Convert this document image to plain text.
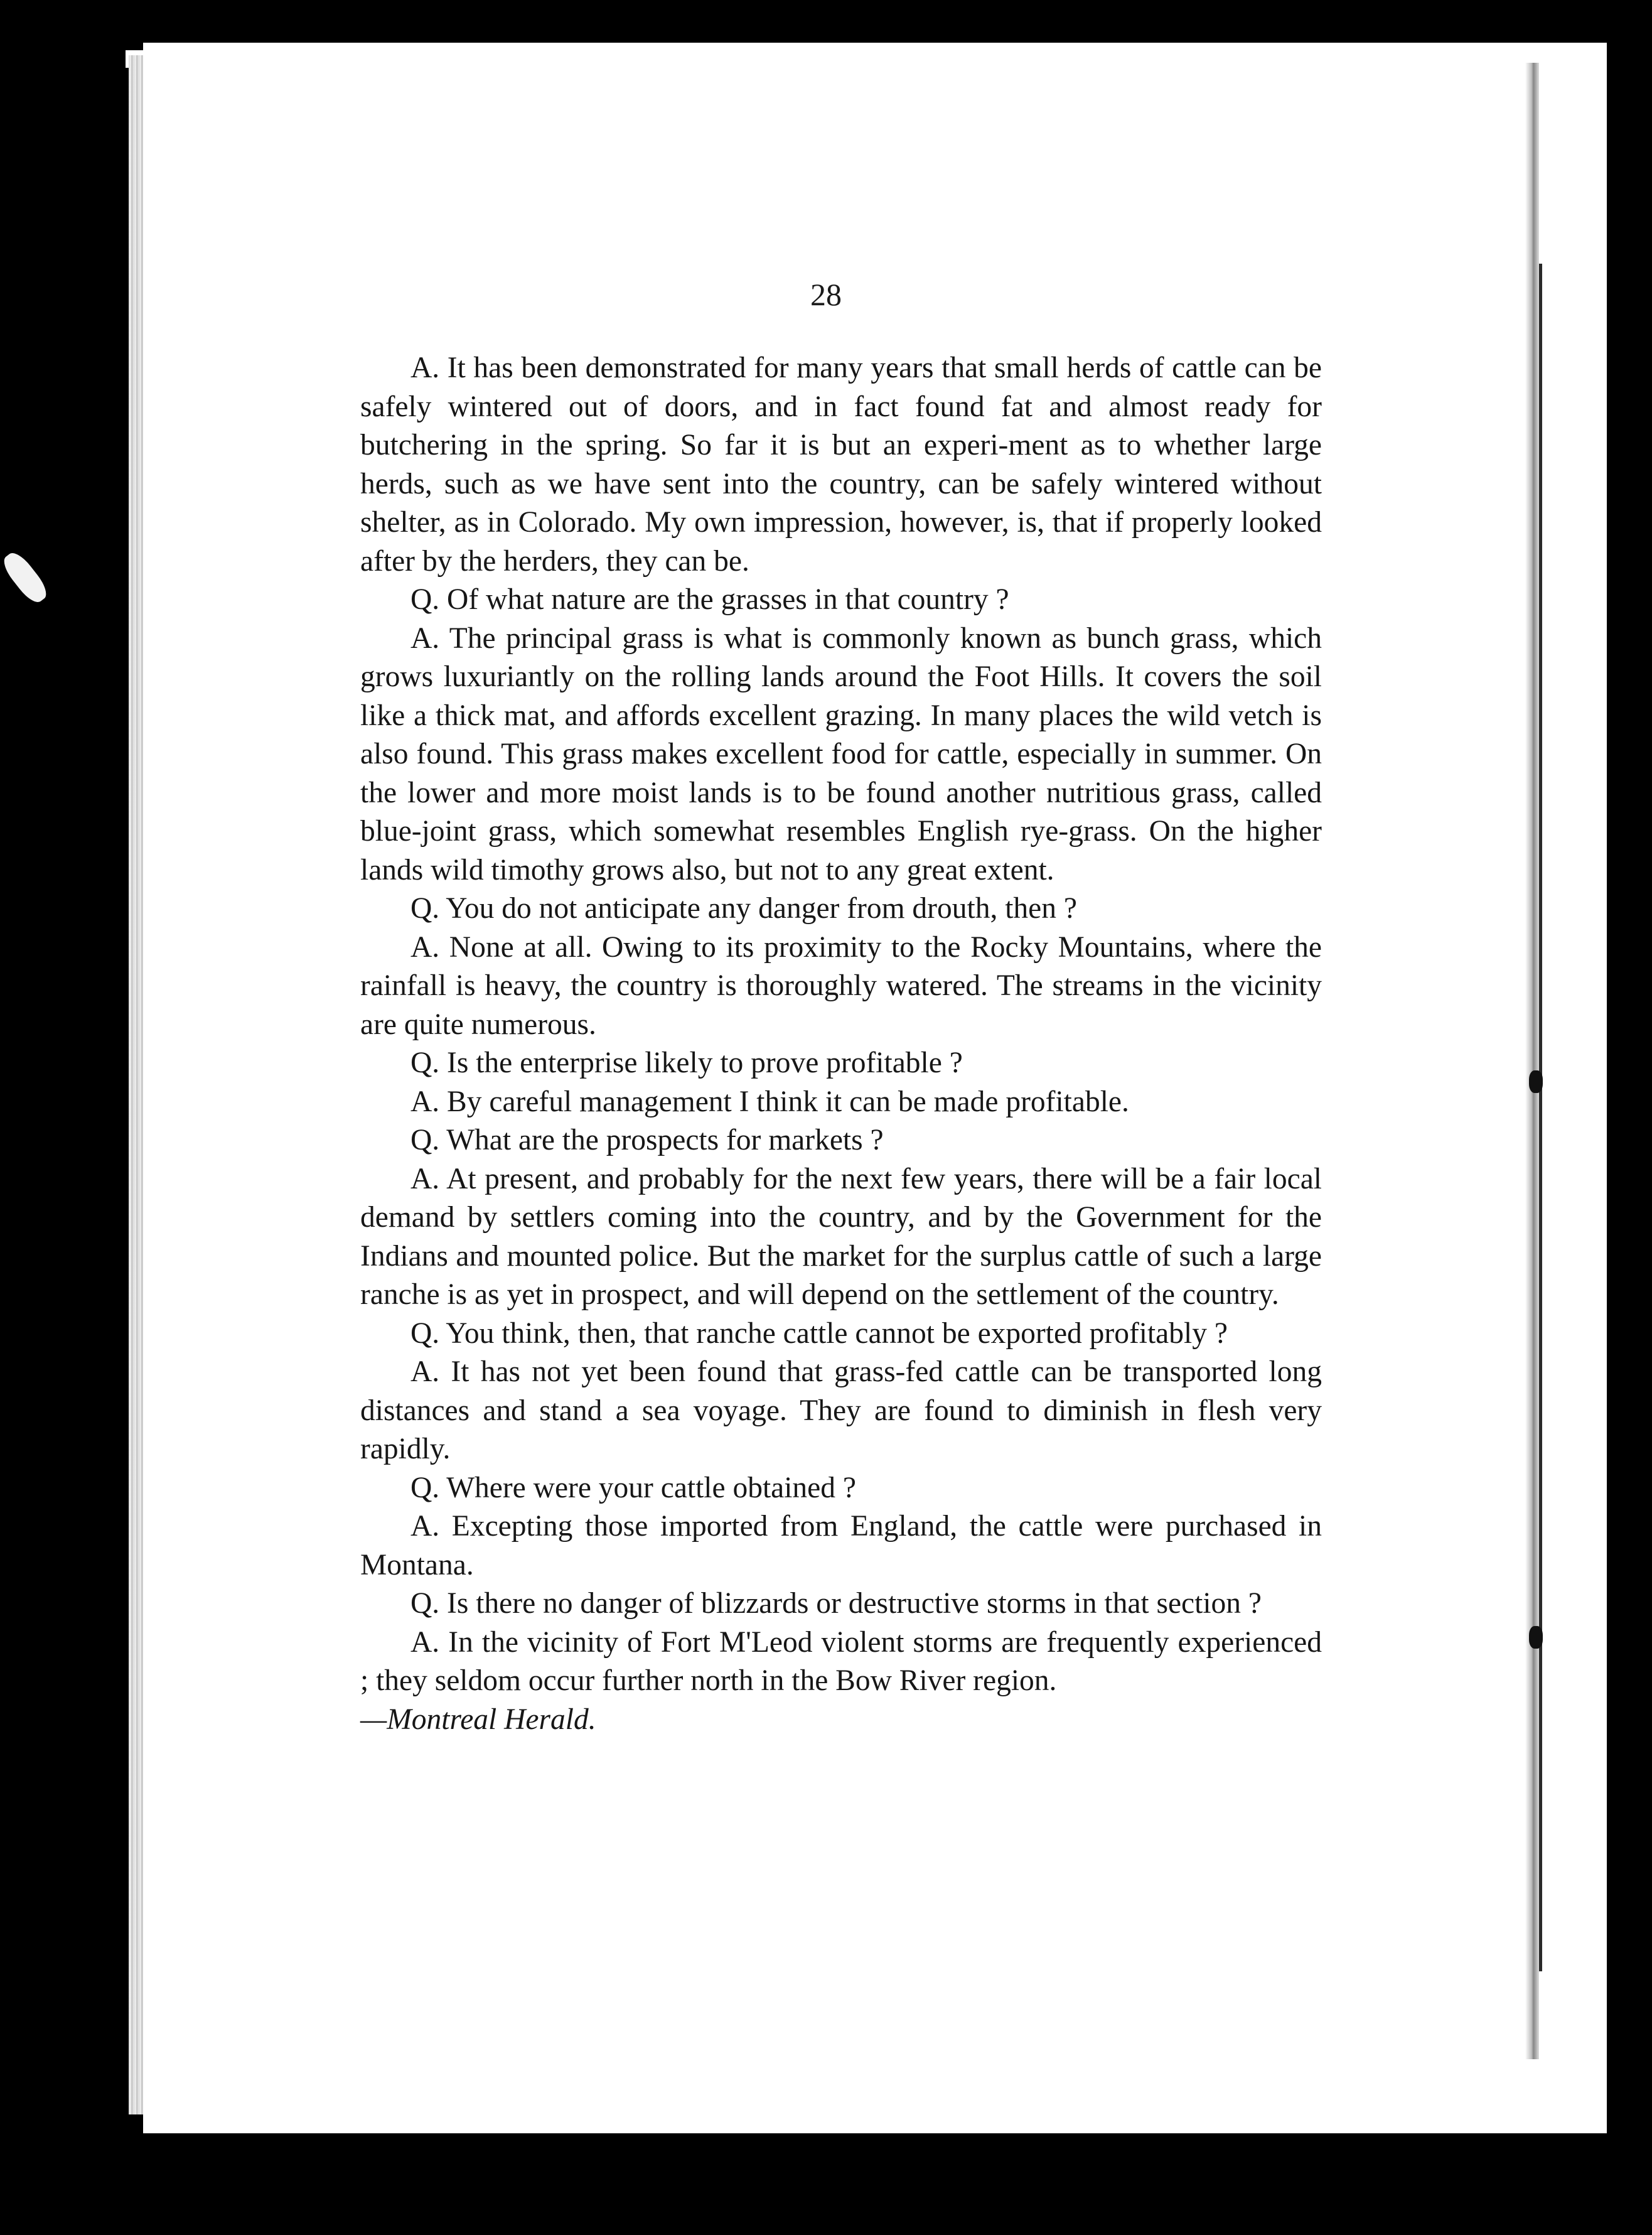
28

A. It has been demonstrated for many years that small herds of cattle can be safely wintered out of doors, and in fact found fat and almost ready for butchering in the spring. So far it is but an experi-ment as to whether large herds, such as we have sent into the country, can be safely wintered without shelter, as in Colorado. My own impression, however, is, that if properly looked after by the herders, they can be.

Q. Of what nature are the grasses in that country ?

A. The principal grass is what is commonly known as bunch grass, which grows luxuriantly on the rolling lands around the Foot Hills. It covers the soil like a thick mat, and affords excellent grazing. In many places the wild vetch is also found. This grass makes excellent food for cattle, especially in summer. On the lower and more moist lands is to be found another nutritious grass, called blue-joint grass, which somewhat resembles English rye-grass. On the higher lands wild timothy grows also, but not to any great extent.

Q. You do not anticipate any danger from drouth, then ?

A. None at all. Owing to its proximity to the Rocky Mountains, where the rainfall is heavy, the country is thoroughly watered. The streams in the vicinity are quite numerous.

Q. Is the enterprise likely to prove profitable ?

A. By careful management I think it can be made profitable.

Q. What are the prospects for markets ?

A. At present, and probably for the next few years, there will be a fair local demand by settlers coming into the country, and by the Government for the Indians and mounted police. But the market for the surplus cattle of such a large ranche is as yet in prospect, and will depend on the settlement of the country.

Q. You think, then, that ranche cattle cannot be exported profitably ?

A. It has not yet been found that grass-fed cattle can be transported long distances and stand a sea voyage. They are found to diminish in flesh very rapidly.

Q. Where were your cattle obtained ?

A. Excepting those imported from England, the cattle were purchased in Montana.

Q. Is there no danger of blizzards or destructive storms in that section ?

A. In the vicinity of Fort M'Leod violent storms are frequently experienced ; they seldom occur further north in the Bow River region.

—Montreal Herald.
